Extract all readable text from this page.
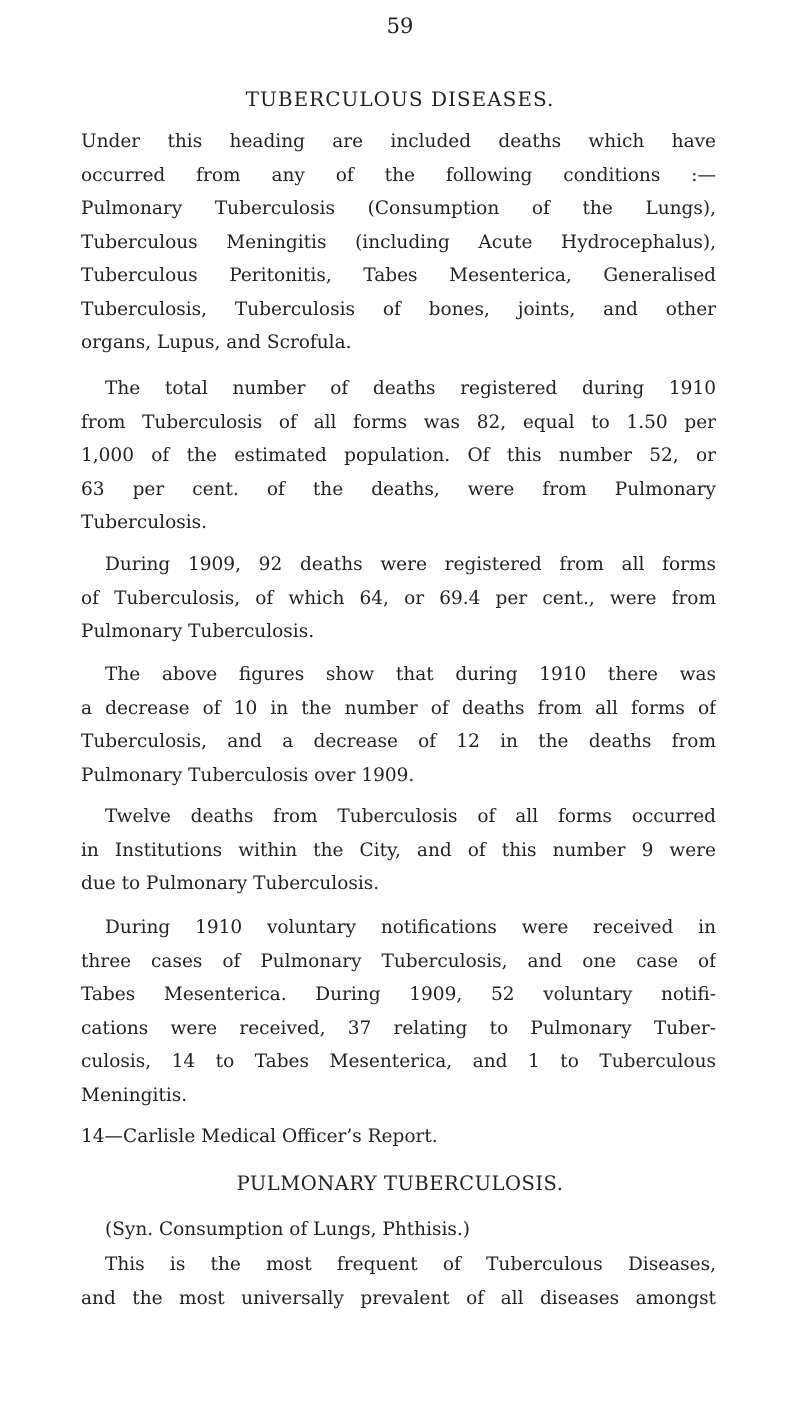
59
TUBERCULOUS DISEASES.
Under this heading are included deaths which have
occurred from any of the following conditions :—
Pulmonary Tuberculosis (Consumption of the Lungs),
Tuberculous Meningitis (including Acute Hydrocephalus),
Tuberculous Peritonitis, Tabes Mesenterica, Generalised
Tuberculosis, Tuberculosis of bones, joints, and other
organs, Lupus, and Scrofula.
The total number of deaths registered during 1910
from Tuberculosis of all forms was 82, equal to 1.50 per
1,000 of the estimated population. Of this number 52, or
63 per cent. of the deaths, were from Pulmonary
Tuberculosis.
During 1909, 92 deaths were registered from all forms
of Tuberculosis, of which 64, or 69.4 per cent., were from
Pulmonary Tuberculosis.
The above figures show that during 1910 there was
a decrease of 10 in the number of deaths from all forms of
Tuberculosis, and a decrease of 12 in the deaths from
Pulmonary Tuberculosis over 1909.
Twelve deaths from Tuberculosis of all forms occurred
in Institutions within the City, and of this number 9 were
due to Pulmonary Tuberculosis.
During 1910 voluntary notifications were received in
three cases of Pulmonary Tuberculosis, and one case of
Tabes Mesenterica. During 1909, 52 voluntary notifi-
cations were received, 37 relating to Pulmonary Tuber-
culosis, 14 to Tabes Mesenterica, and 1 to Tuberculous
Meningitis.
14—Carlisle Medical Officer’s Report.
PULMONARY TUBERCULOSIS.
(Syn. Consumption of Lungs, Phthisis.)
This is the most frequent of Tuberculous Diseases,
and the most universally prevalent of all diseases amongst
